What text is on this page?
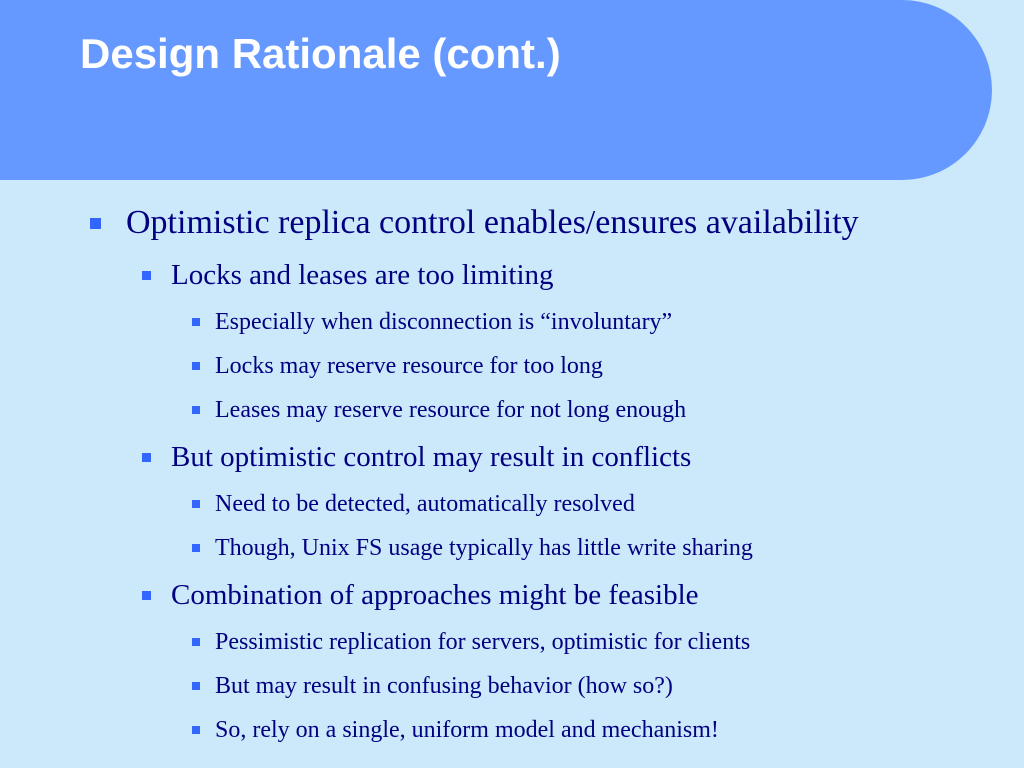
Design Rationale (cont.)
Optimistic replica control enables/ensures availability
Locks and leases are too limiting
Especially when disconnection is “involuntary”
Locks may reserve resource for too long
Leases may reserve resource for not long enough
But optimistic control may result in conflicts
Need to be detected, automatically resolved
Though, Unix FS usage typically has little write sharing
Combination of approaches might be feasible
Pessimistic replication for servers, optimistic for clients
But may result in confusing behavior (how so?)
So, rely on a single, uniform model and mechanism!
